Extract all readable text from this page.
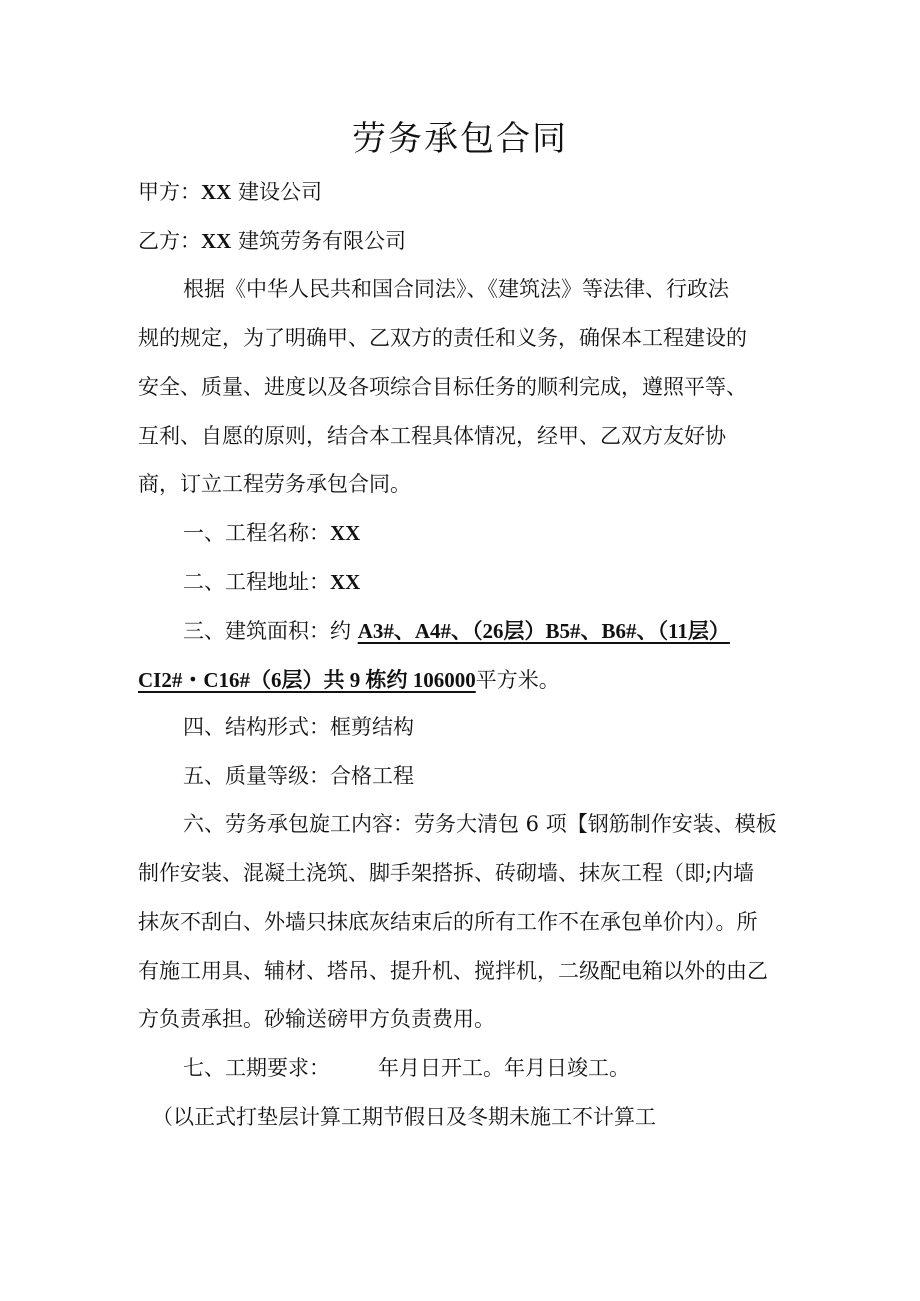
劳务承包合同

甲方：XX 建设公司

乙方：XX 建筑劳务有限公司

根据《中华人民共和国合同法》、《建筑法》等法律、行政法

规的规定，为了明确甲、乙双方的责任和义务，确保本工程建设的

安全、质量、进度以及各项综合目标任务的顺利完成，遵照平等、

互利、自愿的原则，结合本工程具体情况，经甲、乙双方友好协

商，订立工程劳务承包合同。

一、工程名称：XX

二、工程地址：XX

三、建筑面积：约 A3#、A4#、（26层）B5#、B6#、（11层）

CI2#・C16#（6层）共 9 栋约 106000平方米。

四、结构形式：框剪结构

五、质量等级：合格工程

六、劳务承包旋工内容：劳务大清包 6 项【钢筋制作安装、模板

制作安装、混凝土浇筑、脚手架搭拆、砖砌墙、抹灰工程（即;内墙

抹灰不刮白、外墙只抹底灰结束后的所有工作不在承包单价内）。所

有施工用具、辅材、塔吊、提升机、搅拌机，二级配电箱以外的由乙

方负责承担。砂输送磅甲方负责费用。

七、工期要求： 年月日开工。年月日竣工。

（以正式打垫层计算工期节假日及冬期未施工不计算工
